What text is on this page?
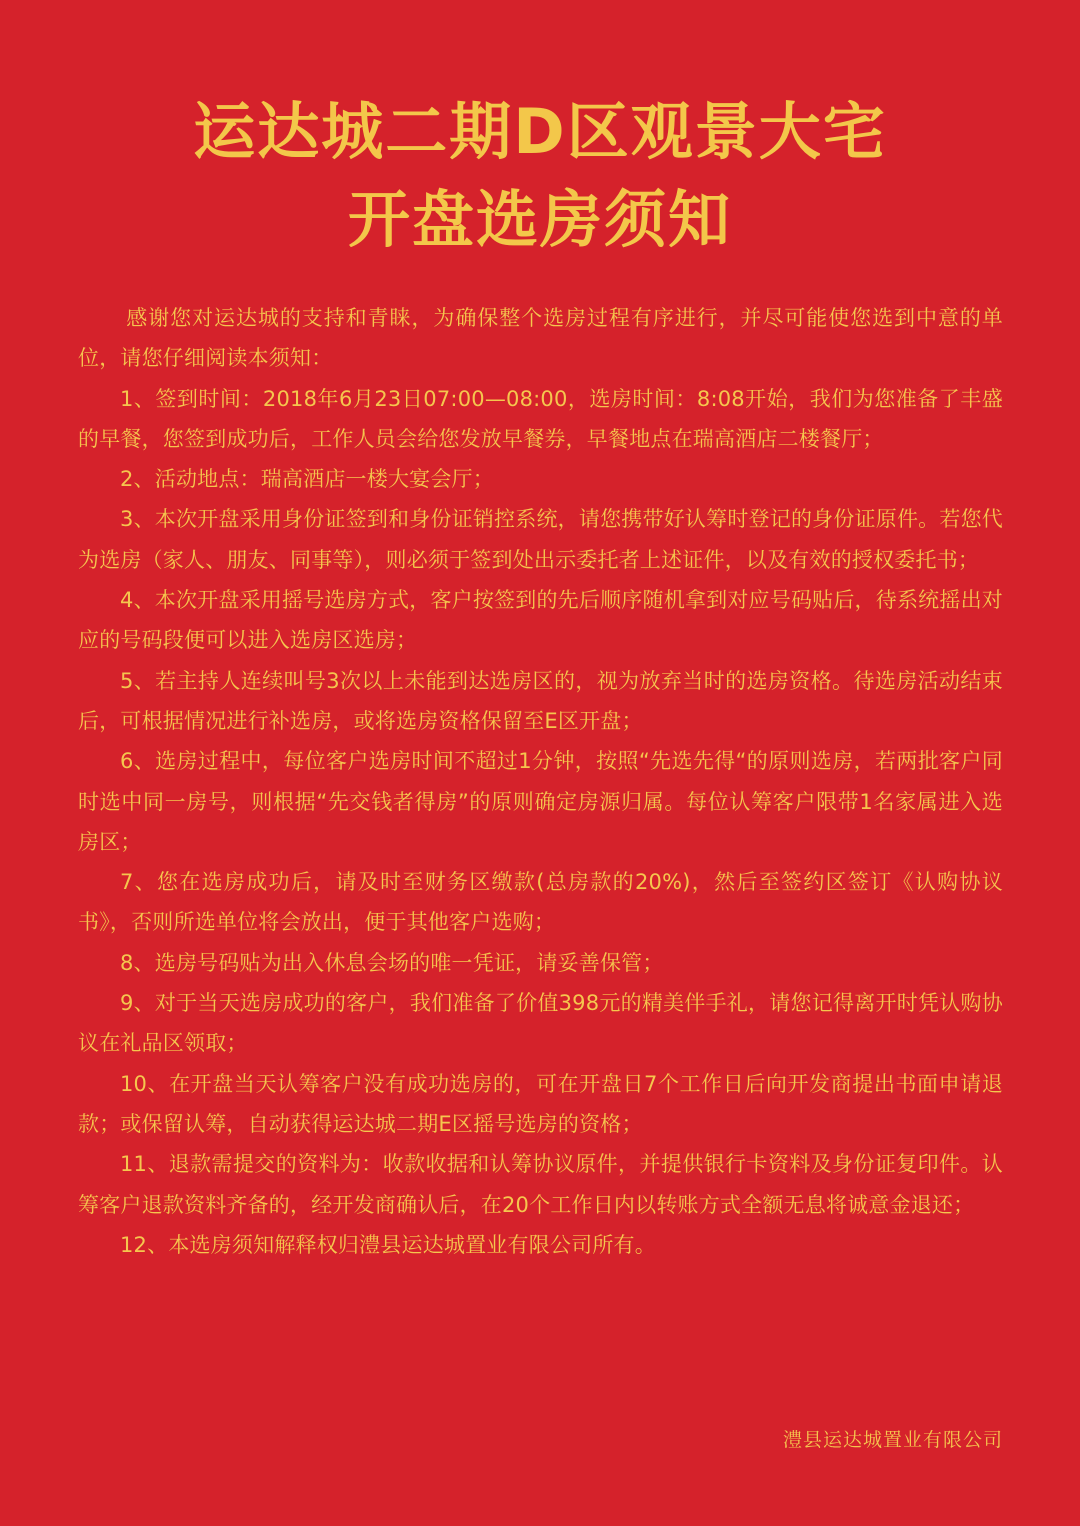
运达城二期D区观景大宅
开盘选房须知

感谢您对运达城的支持和青睐，为确保整个选房过程有序进行，并尽可能使您选到中意的单位，请您仔细阅读本须知：

1、签到时间：2018年6月23日07:00—08:00，选房时间：8:08开始，我们为您准备了丰盛的早餐，您签到成功后，工作人员会给您发放早餐券，早餐地点在瑞高酒店二楼餐厅；

2、活动地点：瑞高酒店一楼大宴会厅；

3、本次开盘采用身份证签到和身份证销控系统，请您携带好认筹时登记的身份证原件。若您代为选房（家人、朋友、同事等），则必须于签到处出示委托者上述证件，以及有效的授权委托书；

4、本次开盘采用摇号选房方式，客户按签到的先后顺序随机拿到对应号码贴后，待系统摇出对应的号码段便可以进入选房区选房；

5、若主持人连续叫号3次以上未能到达选房区的，视为放弃当时的选房资格。待选房活动结束后，可根据情况进行补选房，或将选房资格保留至E区开盘；

6、选房过程中，每位客户选房时间不超过1分钟，按照“先选先得“的原则选房，若两批客户同时选中同一房号，则根据“先交钱者得房”的原则确定房源归属。每位认筹客户限带1名家属进入选房区；

7、您在选房成功后，请及时至财务区缴款(总房款的20%)，然后至签约区签订《认购协议书》，否则所选单位将会放出，便于其他客户选购；

8、选房号码贴为出入休息会场的唯一凭证，请妥善保管；

9、对于当天选房成功的客户，我们准备了价值398元的精美伴手礼，请您记得离开时凭认购协议在礼品区领取；

10、在开盘当天认筹客户没有成功选房的，可在开盘日7个工作日后向开发商提出书面申请退款；或保留认筹，自动获得运达城二期E区摇号选房的资格；

11、退款需提交的资料为：收款收据和认筹协议原件，并提供银行卡资料及身份证复印件。认筹客户退款资料齐备的，经开发商确认后，在20个工作日内以转账方式全额无息将诚意金退还；

12、本选房须知解释权归澧县运达城置业有限公司所有。

澧县运达城置业有限公司
